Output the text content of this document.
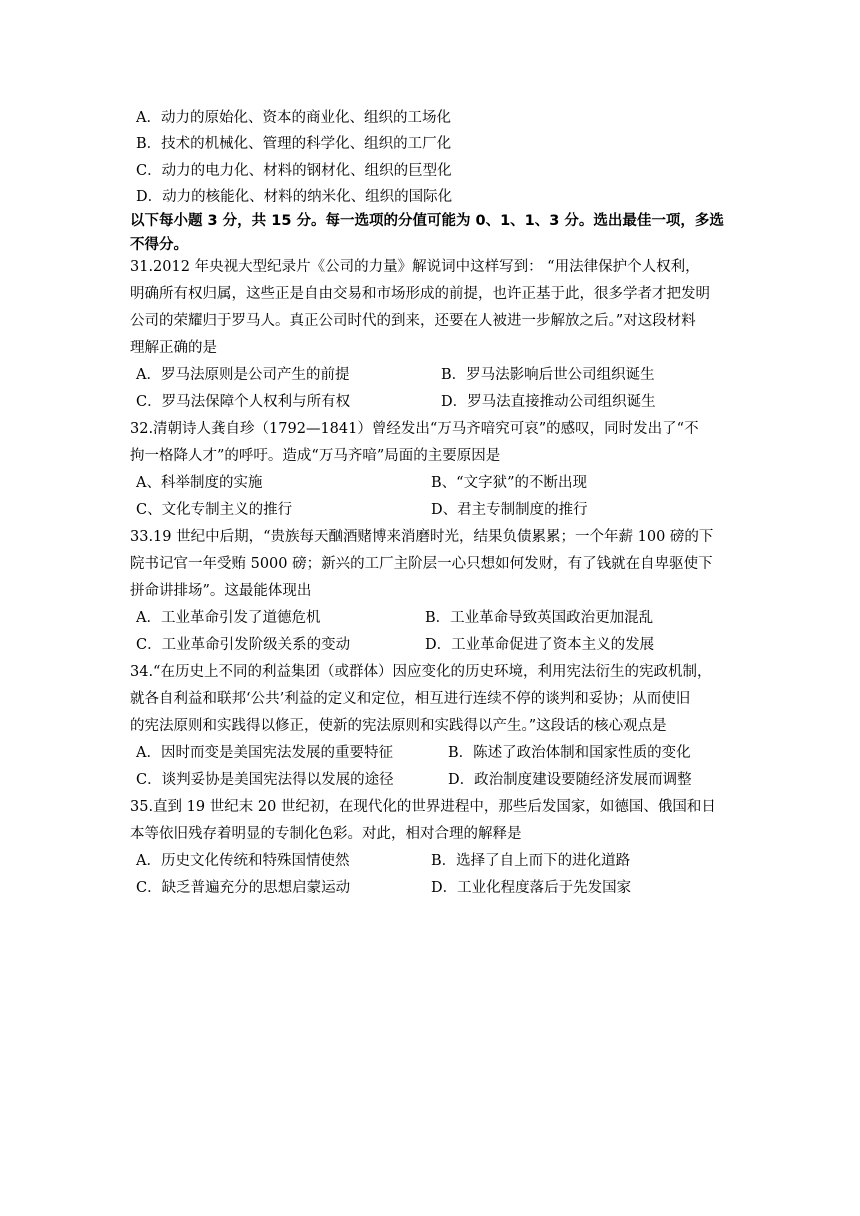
A．动力的原始化、资本的商业化、组织的工场化
B．技术的机械化、管理的科学化、组织的工厂化
C．动力的电力化、材料的钢材化、组织的巨型化
D．动力的核能化、材料的纳米化、组织的国际化
以下每小题 3 分，共 15 分。每一选项的分值可能为 0、1、1、3 分。选出最佳一项，多选
不得分。
31.2012 年央视大型纪录片《公司的力量》解说词中这样写到： “用法律保护个人权利，
明确所有权归属，这些正是自由交易和市场形成的前提，也许正基于此，很多学者才把发明
公司的荣耀归于罗马人。真正公司时代的到来，还要在人被进一步解放之后。”对这段材料
理解正确的是
A．罗马法原则是公司产生的前提	B．罗马法影响后世公司组织诞生
C．罗马法保障个人权利与所有权	D．罗马法直接推动公司组织诞生
32.清朝诗人龚自珍（1792—1841）曾经发出“万马齐喑究可哀”的感叹，同时发出了“不
拘一格降人才”的呼吁。造成“万马齐喑”局面的主要原因是
A、科举制度的实施	B、“文字狱”的不断出现
C、文化专制主义的推行	D、君主专制制度的推行
33.19 世纪中后期，“贵族每天酗酒赌博来消磨时光，结果负债累累；一个年薪 100 磅的下
院书记官一年受贿 5000 磅；新兴的工厂主阶层一心只想如何发财，有了钱就在自卑驱使下
拼命讲排场”。这最能体现出
A．工业革命引发了道德危机	B．工业革命导致英国政治更加混乱
C．工业革命引发阶级关系的变动	D．工业革命促进了资本主义的发展
34.“在历史上不同的利益集团（或群体）因应变化的历史环境，利用宪法衍生的宪政机制，
就各自利益和联邦‘公共’利益的定义和定位，相互进行连续不停的谈判和妥协；从而使旧
的宪法原则和实践得以修正，使新的宪法原则和实践得以产生。”这段话的核心观点是
A．因时而变是美国宪法发展的重要特征	B．陈述了政治体制和国家性质的变化
C．谈判妥协是美国宪法得以发展的途径	D．政治制度建设要随经济发展而调整
35.直到 19 世纪末 20 世纪初，在现代化的世界进程中，那些后发国家，如德国、俄国和日
本等依旧残存着明显的专制化色彩。对此，相对合理的解释是
A．历史文化传统和特殊国情使然	B．选择了自上而下的进化道路
C．缺乏普遍充分的思想启蒙运动	D．工业化程度落后于先发国家
